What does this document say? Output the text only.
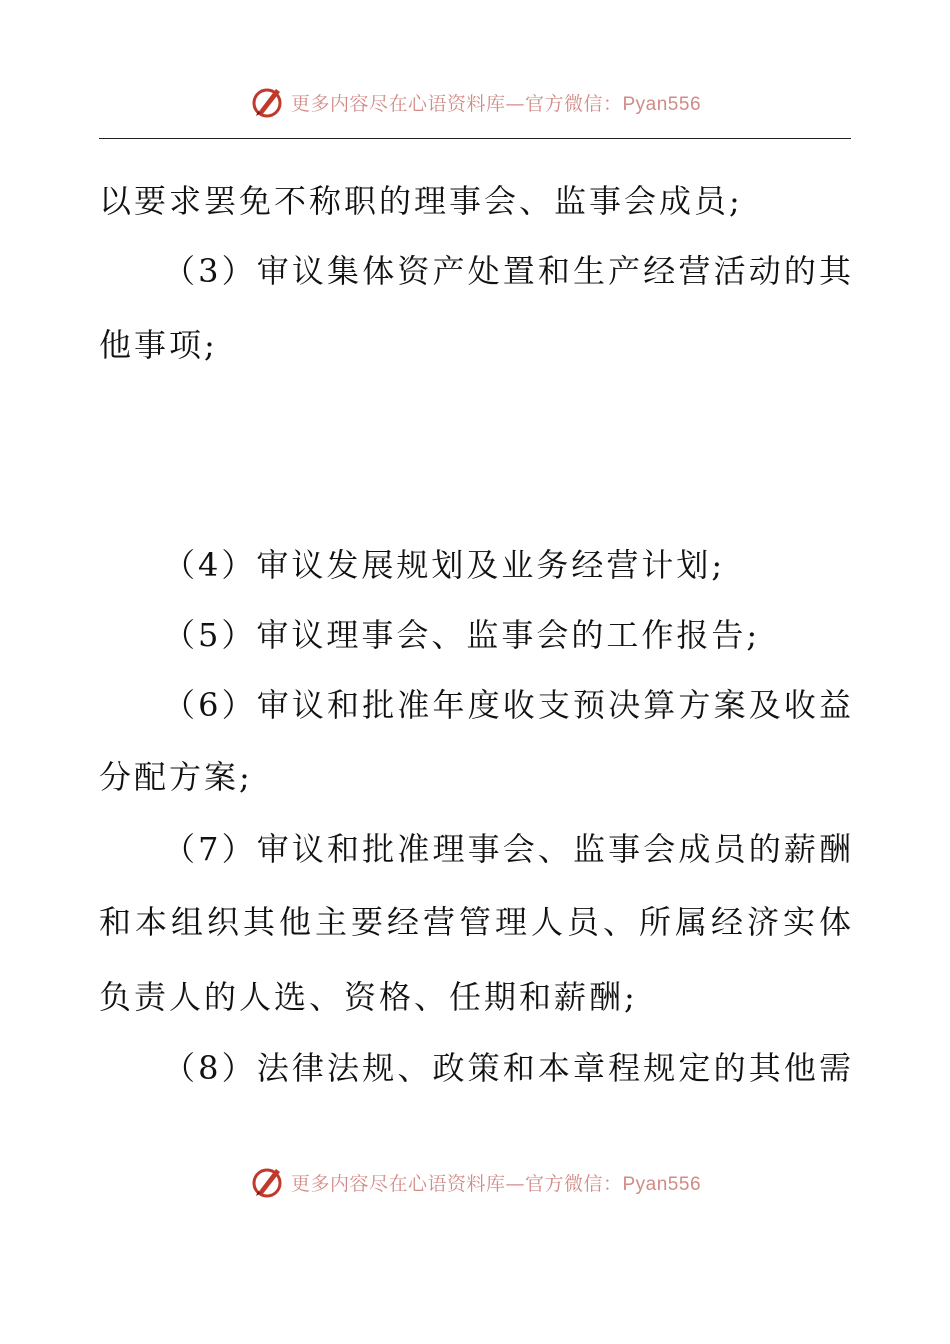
更多内容尽在心语资料库—官方微信：Pyan556
以要求罢免不称职的理事会、监事会成员;
（3）审议集体资产处置和生产经营活动的其
他事项;
（4）审议发展规划及业务经营计划;
（5）审议理事会、监事会的工作报告;
（6）审议和批准年度收支预决算方案及收益
分配方案;
（7）审议和批准理事会、监事会成员的薪酬
和本组织其他主要经营管理人员、所属经济实体
负责人的人选、资格、任期和薪酬;
（8）法律法规、政策和本章程规定的其他需
更多内容尽在心语资料库—官方微信：Pyan556
